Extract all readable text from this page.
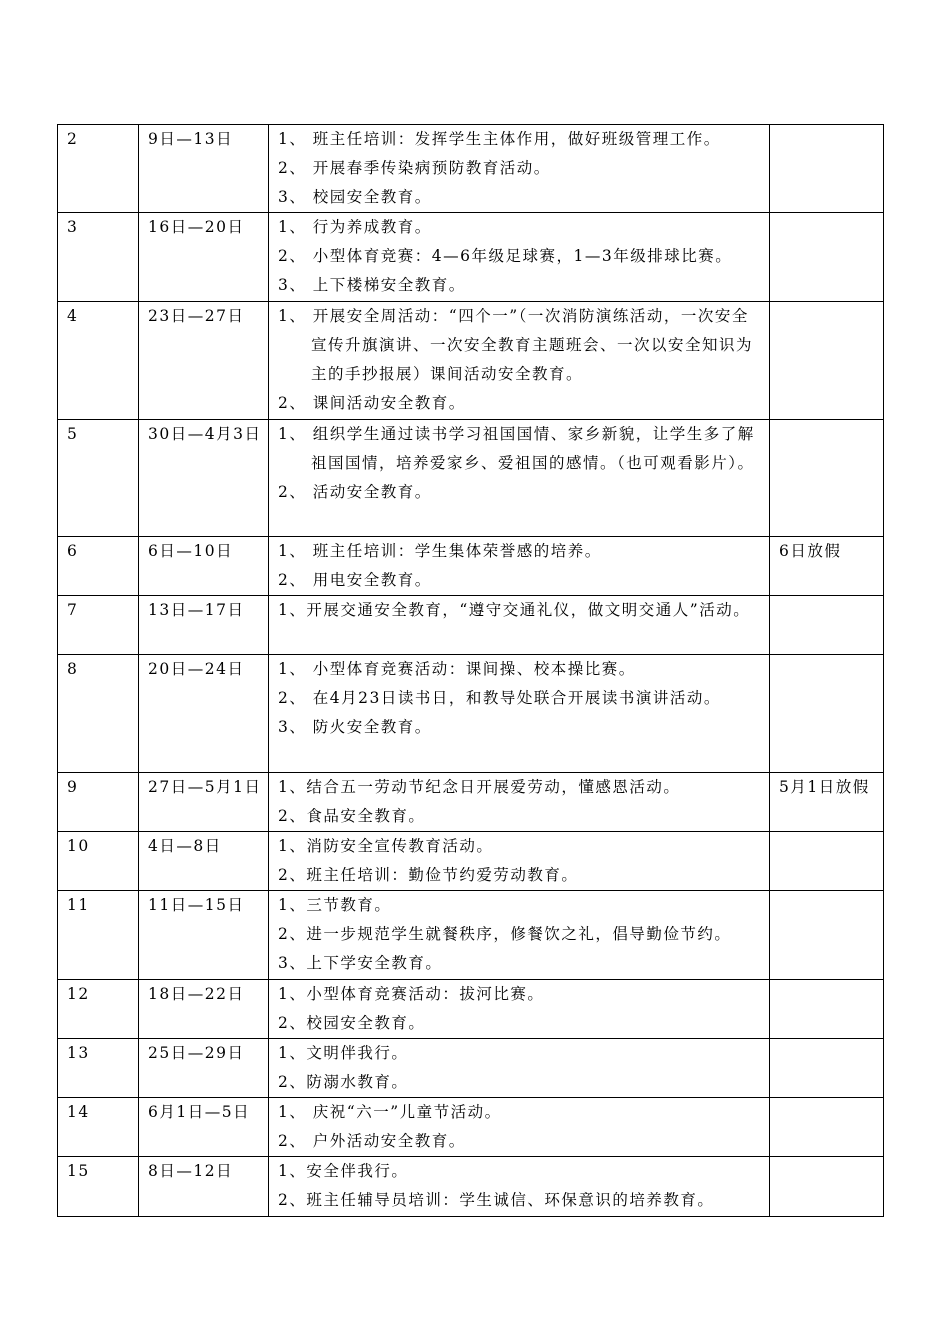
2	9日—13日	1、 班主任培训：发挥学生主体作用，做好班级管理工作。
2、 开展春季传染病预防教育活动。
3、 校园安全教育。	

3	16日—20日	1、 行为养成教育。
2、 小型体育竞赛：4—6年级足球赛，1—3年级排球比赛。
3、 上下楼梯安全教育。	

4	23日—27日	1、 开展安全周活动：“四个一”（一次消防演练活动，一次安全宣传升旗演讲、一次安全教育主题班会、一次以安全知识为主的手抄报展）课间活动安全教育。
2、 课间活动安全教育。	

5	30日—4月3日	1、 组织学生通过读书学习祖国国情、家乡新貌，让学生多了解祖国国情，培养爱家乡、爱祖国的感情。（也可观看影片）。
2、 活动安全教育。	

6	6日—10日	1、 班主任培训：学生集体荣誉感的培养。
2、 用电安全教育。	6日放假
7	13日—17日	1、开展交通安全教育，“遵守交通礼仪，做文明交通人”活动。	

8	20日—24日	1、 小型体育竞赛活动：课间操、校本操比赛。
2、 在4月23日读书日，和教导处联合开展读书演讲活动。
3、 防火安全教育。	

9	27日—5月1日	1、结合五一劳动节纪念日开展爱劳动，懂感恩活动。
2、食品安全教育。	5月1日放假
10	4日—8日	1、消防安全宣传教育活动。
2、班主任培训：勤俭节约爱劳动教育。	

11	11日—15日	1、三节教育。
2、进一步规范学生就餐秩序，修餐饮之礼，倡导勤俭节约。
3、上下学安全教育。	

12	18日—22日	1、小型体育竞赛活动：拔河比赛。
2、校园安全教育。	

13	25日—29日	1、文明伴我行。
2、防溺水教育。	

14	6月1日—5日	1、 庆祝“六一”儿童节活动。
2、 户外活动安全教育。	

15	8日—12日	1、安全伴我行。
2、班主任辅导员培训：学生诚信、环保意识的培养教育。	
